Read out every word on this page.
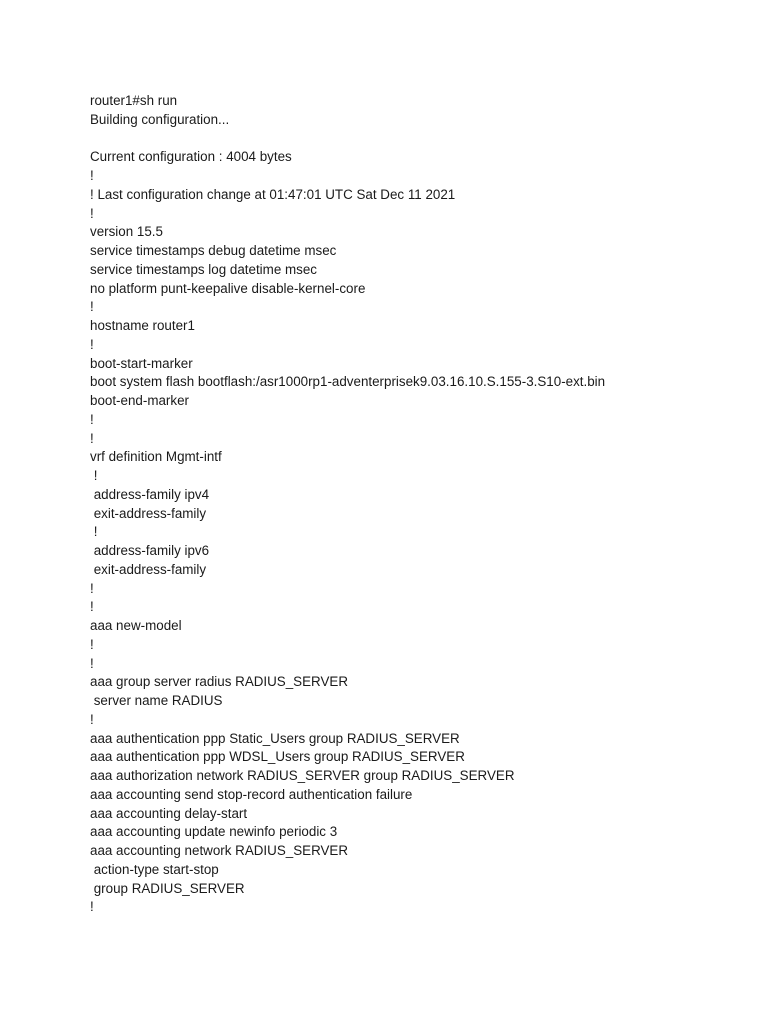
router1#sh run
Building configuration...
Current configuration : 4004 bytes
!
! Last configuration change at 01:47:01 UTC Sat Dec 11 2021
!
version 15.5
service timestamps debug datetime msec
service timestamps log datetime msec
no platform punt-keepalive disable-kernel-core
!
hostname router1
!
boot-start-marker
boot system flash bootflash:/asr1000rp1-adventerprisek9.03.16.10.S.155-3.S10-ext.bin
boot-end-marker
!
!
vrf definition Mgmt-intf
!
address-family ipv4
exit-address-family
!
address-family ipv6
exit-address-family
!
!
aaa new-model
!
!
aaa group server radius RADIUS_SERVER
server name RADIUS
!
aaa authentication ppp Static_Users group RADIUS_SERVER
aaa authentication ppp WDSL_Users group RADIUS_SERVER
aaa authorization network RADIUS_SERVER group RADIUS_SERVER
aaa accounting send stop-record authentication failure
aaa accounting delay-start
aaa accounting update newinfo periodic 3
aaa accounting network RADIUS_SERVER
action-type start-stop
group RADIUS_SERVER
!
